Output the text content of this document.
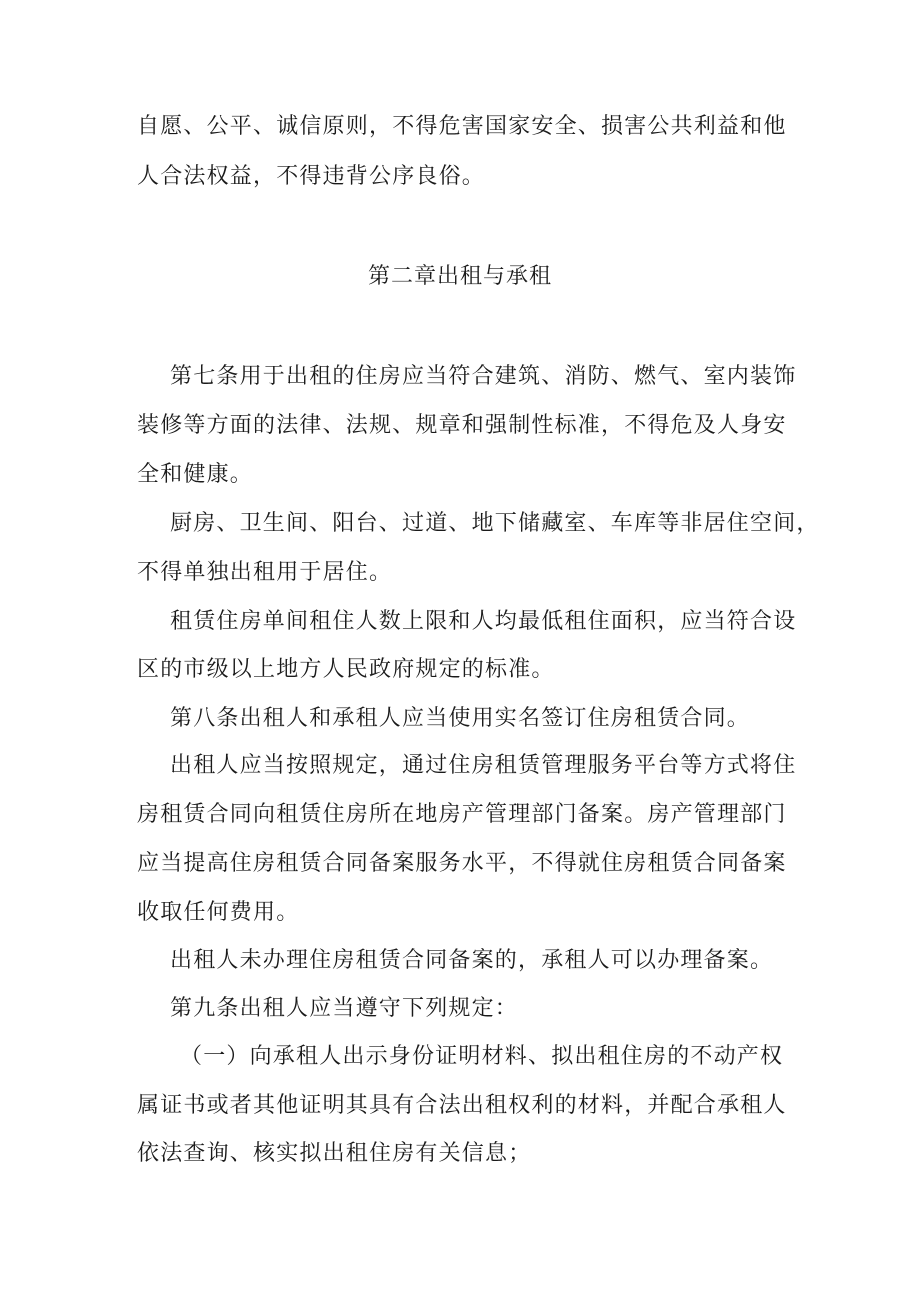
自愿、公平、诚信原则，不得危害国家安全、损害公共利益和他
人合法权益，不得违背公序良俗。
第二章出租与承租
第七条用于出租的住房应当符合建筑、消防、燃气、室内装饰
装修等方面的法律、法规、规章和强制性标准，不得危及人身安
全和健康。
厨房、卫生间、阳台、过道、地下储藏室、车库等非居住空间，
不得单独出租用于居住。
租赁住房单间租住人数上限和人均最低租住面积，应当符合设
区的市级以上地方人民政府规定的标准。
第八条出租人和承租人应当使用实名签订住房租赁合同。
出租人应当按照规定，通过住房租赁管理服务平台等方式将住
房租赁合同向租赁住房所在地房产管理部门备案。房产管理部门
应当提高住房租赁合同备案服务水平，不得就住房租赁合同备案
收取任何费用。
出租人未办理住房租赁合同备案的，承租人可以办理备案。
第九条出租人应当遵守下列规定：
（一）向承租人出示身份证明材料、拟出租住房的不动产权
属证书或者其他证明其具有合法出租权利的材料，并配合承租人
依法查询、核实拟出租住房有关信息；
